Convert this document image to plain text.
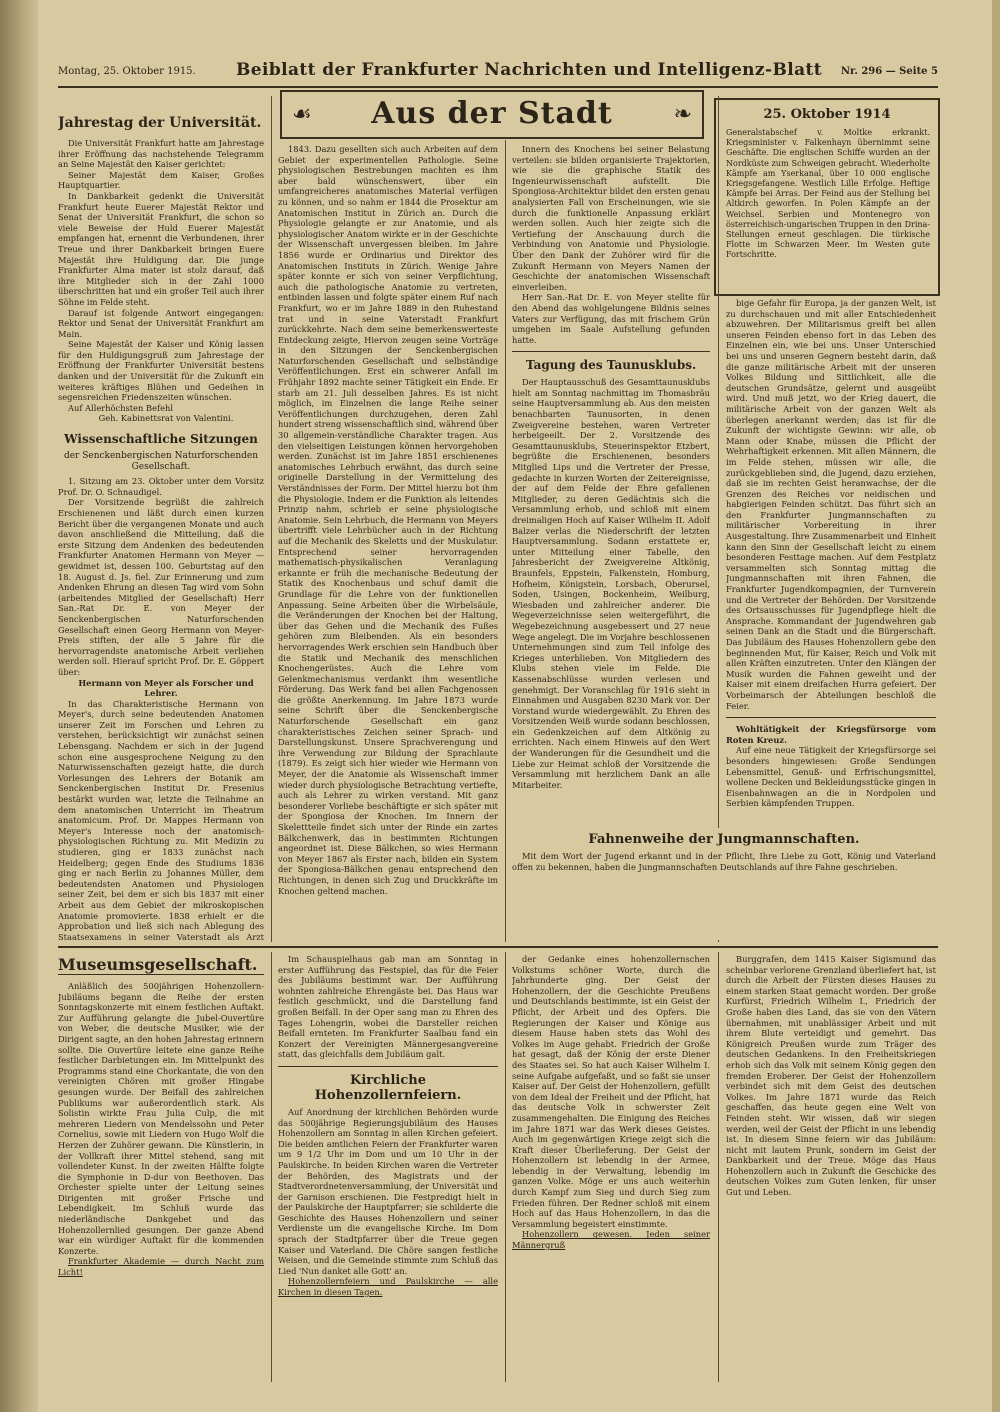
Montag, 25. Oktober 1915. Beiblatt der Frankfurter Nachrichten und Intelligenz-Blatt Nr. 296 — Seite 5
☙	Aus der Stadt	❧	25. Oktober 1914
Generalstabschef v. Moltke erkrankt. Kriegsminister v. Falkenhayn übernimmt seine Geschäfte. Die englischen Schiffe wurden an der Nordküste zum Schweigen gebracht. Wiederholte Kämpfe am Yserkanal, über 10 000 englische Kriegsgefangene. Westlich Lille Erfolge. Heftige Kämpfe bei Arras. Der Feind aus der Stellung bei Altkirch geworfen. In Polen Kämpfe an der Weichsel. Serbien und Montenegro von österreichisch-ungarischen Truppen in den Drina-Stellungen erneut geschlagen. Die türkische Flotte im Schwarzen Meer. Im Westen gute Fortschritte.
Jahrestag der Universität.

Die Universität Frankfurt hatte am Jahrestage ihrer Eröffnung das nachstehende Telegramm an Seine Majestät den Kaiser gerichtet:

Seiner Majestät dem Kaiser, Großes Hauptquartier.

In Dankbarkeit gedenkt die Universität Frankfurt heute Euerer Majestät Rektor und Senat der Universität Frankfurt, die schon so viele Beweise der Huld Euerer Majestät empfangen hat, ernennt die Verbundenen, ihrer Treue und ihrer Dankbarkeit bringen Euere Majestät ihre Huldigung dar. Die junge Frankfurter Alma mater ist stolz darauf, daß ihre Mitglieder sich in der Zahl 1000 überschritten hat und ein großer Teil auch ihrer Söhne im Felde steht.

Darauf ist folgende Antwort eingegangen: Rektor und Senat der Universität Frankfurt am Main.

Seine Majestät der Kaiser und König lassen für den Huldigungsgruß zum Jahrestage der Eröffnung der Frankfurter Universität bestens danken und der Universität für die Zukunft ein weiteres kräftiges Blühen und Gedeihen in segensreichen Friedenszeiten wünschen.

Auf Allerhöchsten Befehl

Geh. Kabinettsrat von Valentini.

Wissenschaftliche Sitzungen
der Senckenbergischen Naturforschenden Gesellschaft.

1. Sitzung am 23. Oktober unter dem Vorsitz Prof. Dr. O. Schnaudigel.

Der Vorsitzende begrüßt die zahlreich Erschienenen und läßt durch einen kurzen Bericht über die vergangenen Monate und auch davon anschließend die Mitteilung, daß die erste Sitzung dem Andenken des bedeutenden Frankfurter Anatomen Hermann von Meyer — gewidmet ist, dessen 100. Geburtstag auf den 18. August d. Js. fiel. Zur Erinnerung und zum Andenken Ehrung an diesen Tag wird vom Sohn (arbeitendes Mitglied der Gesellschaft) Herr San.-Rat Dr. E. von Meyer der Senckenbergischen Naturforschenden Gesellschaft einen Georg Hermann von Meyer-Preis stiften, der alle 5 Jahre für die hervorragendste anatomische Arbeit verliehen werden soll. Hierauf spricht Prof. Dr. E. Göppert über:

Hermann von Meyer als Forscher und Lehrer.

In das Charakteristische Hermann von Meyer's, durch seine bedeutenden Anatomen unserer Zeit im Forschen und Lehren zu verstehen, berücksichtigt wir zunächst seinen Lebensgang. Nachdem er sich in der Jugend schon eine ausgesprochene Neigung zu den Naturwissenschaften gezeigt hatte, die durch Vorlesungen des Lehrers der Botanik am Senckenbergischen Institut Dr. Fresenius bestärkt wurden war, letzte die Teilnahme an dem anatomischen Unterricht im Theatrum anatomicum. Prof. Dr. Mappes Hermann von Meyer's Interesse noch der anatomisch-physiologischen Richtung zu. Mit Medizin zu studieren, ging er 1833 zunächst nach Heidelberg; gegen Ende des Studiums 1836 ging er nach Berlin zu Johannes Müller, dem bedeutendsten Anatomen und Physiologen seiner Zeit, bei dem er sich bis 1837 mit einer Arbeit aus dem Gebiet der mikroskopischen Anatomie promovierte. 1838 erhielt er die Approbation und ließ sich nach Ablegung des Staatsexamens in seiner Vaterstadt als Arzt

1843. Dazu gesellten sich auch Arbeiten auf dem Gebiet der experimentellen Pathologie. Seine physiologischen Bestrebungen machten es ihm aber bald wünschenswert, über ein umfangreicheres anatomisches Material verfügen zu können, und so nahm er 1844 die Prosektur am Anatomischen Institut in Zürich an. Durch die Physiologie gelangte er zur Anatomie, und als physiologischer Anatom wirkte er in der Geschichte der Wissenschaft unvergessen bleiben. Im Jahre 1856 wurde er Ordinarius und Direktor des Anatomischen Instituts in Zürich. Wenige Jahre später konnte er sich von seiner Verpflichtung, auch die pathologische Anatomie zu vertreten, entbinden lassen und folgte später einem Ruf nach Frankfurt, wo er im Jahre 1889 in den Ruhestand trat und in seine Vaterstadt Frankfurt zurückkehrte. Nach dem seine bemerkenswerteste Entdeckung zeigte, Hiervon zeugen seine Vorträge in den Sitzungen der Senckenbergischen Naturforschenden Gesellschaft und selbständige Veröffentlichungen. Erst ein schwerer Anfall im Frühjahr 1892 machte seiner Tätigkeit ein Ende. Er starb am 21. Juli desselben Jahres. Es ist nicht möglich, im Einzelnen die lange Reihe seiner Veröffentlichungen durchzugehen, deren Zahl hundert streng wissenschaftlich sind, während über 30 allgemein-verständliche Charakter tragen. Aus den vielseitigen Leistungen können hervorgehoben werden. Zunächst ist im Jahre 1851 erschienenes anatomisches Lehrbuch erwähnt, das durch seine originelle Darstellung in der Vermittelung des Verständnisses der Form. Der Mittel hierzu bot ihm die Physiologie. Indem er die Funktion als leitendes Prinzip nahm, schrieb er seine physiologische Anatomie. Sein Lehrbuch, die Hermann von Meyers übertrifft viele Lehrbücher auch in der Richtung auf die Mechanik des Skeletts und der Muskulatur. Entsprechend seiner hervorragenden mathematisch-physikalischen Veranlagung erkannte er früh die mechanische Bedeutung der Statik des Knochenbaus und schuf damit die Grundlage für die Lehre von der funktionellen Anpassung. Seine Arbeiten über die Wirbelsäule, die Veränderungen der Knochen bei der Haltung, über das Gehen und die Mechanik des Fußes gehören zum Bleibenden. Als ein besonders hervorragendes Werk erschien sein Handbuch über die Statik und Mechanik des menschlichen Knochengerüstes. Auch die Lehre vom Gelenkmechanismus verdankt ihm wesentliche Förderung. Das Werk fand bei allen Fachgenossen die größte Anerkennung. Im Jahre 1873 wurde seine Schrift über die Senckenbergische Naturforschende Gesellschaft ein ganz charakteristisches Zeichen seiner Sprach- und Darstellungskunst. Unsere Sprachverengung und ihre Verwendung zur Bildung der Sprachlaute (1879). Es zeigt sich hier wieder wie Hermann von Meyer, der die Anatomie als Wissenschaft immer wieder durch physiologische Betrachtung vertiefte, auch als Lehrer zu wirken verstand. Mit ganz besonderer Vorliebe beschäftigte er sich später mit der Spongiosa der Knochen. Im Innern der Skelettteile findet sich unter der Rinde ein zartes Bälkchenwerk, das in bestimmten Richtungen angeordnet ist. Diese Bälkchen, so wies Hermann von Meyer 1867 als Erster nach, bilden ein System der Spongiosa-Bälkchen genau entsprechend den Richtungen, in denen sich Zug und Druckkräfte im Knochen geltend machen.

Innern des Knochens bei seiner Belastung verteilen: sie bilden organisierte Trajektorien, wie sie die graphische Statik des Ingenieurwissenschaft aufstellt. Die Spongiosa-Architektur bildet den ersten genau analysierten Fall von Erscheinungen, wie sie durch die funktionelle Anpassung erklärt werden sollen. Auch hier zeigte sich die Vertiefung der Anschauung durch die Verbindung von Anatomie und Physiologie. Über den Dank der Zuhörer wird für die Zukunft Hermann von Meyers Namen der Geschichte der anatomischen Wissenschaft einverleiben.

Herr San.-Rat Dr. E. von Meyer stellte für den Abend das wohlgelungene Bildnis seines Vaters zur Verfügung, das mit frischem Grün umgeben im Saale Aufstellung gefunden hatte.

Tagung des Taunusklubs.

Der Hauptausschuß des Gesamttaunusklubs hielt am Sonntag nachmittag im Thomasbräu seine Hauptversammlung ab. Aus den meisten benachbarten Taunusorten, in denen Zweigvereine bestehen, waren Vertreter herbeigeeilt. Der 2. Vorsitzende des Gesamttaunusklubs, Steuerinspektor Etzbert, begrüßte die Erschienenen, besonders Mitglied Lips und die Vertreter der Presse, gedachte in kurzen Worten der Zeitereignisse, der auf dem Felde der Ehre gefallenen Mitglieder, zu deren Gedächtnis sich die Versammlung erhob, und schloß mit einem dreimaligen Hoch auf Kaiser Wilhelm II. Adolf Balzer verlas die Niederschrift der letzten Hauptversammlung. Sodann erstattete er, unter Mitteilung einer Tabelle, den Jahresbericht der Zweigvereine Altkönig, Braunfels, Eppstein, Falkenstein, Homburg, Hofheim, Königstein, Lorsbach, Oberursel, Soden, Usingen, Bockenheim, Weilburg, Wiesbaden und zahlreicher anderer. Die Wegeverzeichnisse seien weitergeführt, die Wegebezeichnung ausgebessert und 27 neue Wege angelegt. Die im Vorjahre beschlossenen Unternehmungen sind zum Teil infolge des Krieges unterblieben. Von Mitgliedern des Klubs stehen viele im Felde. Die Kassenabschlüsse wurden verlesen und genehmigt. Der Voranschlag für 1916 sieht in Einnahmen und Ausgaben 8230 Mark vor. Der Vorstand wurde wiedergewählt. Zu Ehren des Vorsitzenden Weiß wurde sodann beschlossen, ein Gedenkzeichen auf dem Altkönig zu errichten. Nach einem Hinweis auf den Wert der Wanderungen für die Gesundheit und die Liebe zur Heimat schloß der Vorsitzende die Versammlung mit herzlichem Dank an alle Mitarbeiter.

bige Gefahr für Europa, ja der ganzen Welt, ist zu durchschauen und mit aller Entschiedenheit abzuwehren. Der Militarismus greift bei allen unseren Feinden ebenso fort in das Leben des Einzelnen ein, wie bei uns. Unser Unterschied bei uns und unseren Gegnern besteht darin, daß die ganze militärische Arbeit mit der unseren Volkes Bildung und Sittlichkeit, alle die deutschen Grundsätze, gelernt und ausgeübt wird. Und muß jetzt, wo der Krieg dauert, die militärische Arbeit von der ganzen Welt als überlegen anerkannt werden; das ist für die Zukunft der wichtigste Gewinn: wir alle, ob Mann oder Knabe, müssen die Pflicht der Wehrhaftigkeit erkennen. Mit allen Männern, die im Felde stehen, müssen wir alle, die zurückgeblieben sind, die Jugend, dazu erziehen, daß sie im rechten Geist heranwachse, der die Grenzen des Reiches vor neidischen und habgierigen Feinden schützt. Das führt sich an den Frankfurter Jungmannschaften zu militärischer Vorbereitung in ihrer Ausgestaltung. Ihre Zusammenarbeit und Einheit kann den Sinn der Gesellschaft leicht zu einem besonderen Festtage machen. Auf dem Festplatz versammelten sich Sonntag mittag die Jungmannschaften mit ihren Fahnen, die Frankfurter Jugendkompagnien, der Turnverein und die Vertreter der Behörden. Der Vorsitzende des Ortsausschusses für Jugendpflege hielt die Ansprache. Kommandant der Jugendwehren gab seinen Dank an die Stadt und die Bürgerschaft. Das Jubiläum des Hauses Hohenzollern gebe den beginnenden Mut, für Kaiser, Reich und Volk mit allen Kräften einzutreten. Unter den Klängen der Musik wurden die Fahnen geweiht und der Kaiser mit einem dreifachen Hurra gefeiert. Der Vorbeimarsch der Abteilungen beschloß die Feier.

Wohltätigkeit der Kriegsfürsorge vom Roten Kreuz.

Auf eine neue Tätigkeit der Kriegsfürsorge sei besonders hingewiesen: Große Sendungen Lebensmittel, Genuß- und Erfrischungsmittel, wollene Decken und Bekleidungsstücke gingen in Eisenbahnwagen an die in Nordpolen und Serbien kämpfenden Truppen.

Fahnenweihe der Jungmannschaften.

Mit dem Wort der Jugend erkannt und in der Pflicht, Ihre Liebe zu Gott, König und Vaterland offen zu bekennen, haben die Jungmannschaften Deutschlands auf ihre Fahne geschrieben.

Museumsgesellschaft.

Anläßlich des 500jährigen Hohenzollern-Jubiläums begann die Reihe der ersten Sonntagskonzerte mit einem festlichen Auftakt. Zur Aufführung gelangte die Jubel-Ouvertüre von Weber, die deutsche Musiker, wie der Dirigent sagte, an den hohen Jahrestag erinnern sollte. Die Ouvertüre leitete eine ganze Reihe festlicher Darbietungen ein. Im Mittelpunkt des Programms stand eine Chorkantate, die von den vereinigten Chören mit großer Hingabe gesungen wurde. Der Beifall des zahlreichen Publikums war außerordentlich stark. Als Solistin wirkte Frau Julia Culp, die mit mehreren Liedern von Mendelssohn und Peter Cornelius, sowie mit Liedern von Hugo Wolf die Herzen der Zuhörer gewann. Die Künstlerin, in der Vollkraft ihrer Mittel stehend, sang mit vollendeter Kunst. In der zweiten Hälfte folgte die Symphonie in D-dur von Beethoven. Das Orchester spielte unter der Leitung seines Dirigenten mit großer Frische und Lebendigkeit. Im Schluß wurde das niederländische Dankgebet und das Hohenzollernlied gesungen. Der ganze Abend war ein würdiger Auftakt für die kommenden Konzerte.

Frankfurter Akademie — durch Nacht zum Licht!

Im Schauspielhaus gab man am Sonntag in erster Aufführung das Festspiel, das für die Feier des Jubiläums bestimmt war. Der Aufführung wohnten zahlreiche Ehrengäste bei. Das Haus war festlich geschmückt, und die Darstellung fand großen Beifall. In der Oper sang man zu Ehren des Tages Lohengrin, wobei die Darsteller reichen Beifall ernteten. Im Frankfurter Saalbau fand ein Konzert der Vereinigten Männergesangvereine statt, das gleichfalls dem Jubiläum galt.

Kirchliche Hohenzollernfeiern.

Auf Anordnung der kirchlichen Behörden wurde das 500jährige Regierungsjubiläum des Hauses Hohenzollern am Sonntag in allen Kirchen gefeiert. Die beiden amtlichen Feiern der Frankfurter waren um 9 1/2 Uhr im Dom und um 10 Uhr in der Paulskirche. In beiden Kirchen waren die Vertreter der Behörden, des Magistrats und der Stadtverordnetenversammlung, der Universität und der Garnison erschienen. Die Festpredigt hielt in der Paulskirche der Hauptpfarrer; sie schilderte die Geschichte des Hauses Hohenzollern und seiner Verdienste um die evangelische Kirche. Im Dom sprach der Stadtpfarrer über die Treue gegen Kaiser und Vaterland. Die Chöre sangen festliche Weisen, und die Gemeinde stimmte zum Schluß das Lied 'Nun danket alle Gott' an.

Hohenzollernfeiern und Paulskirche — alle Kirchen in diesen Tagen.

der Gedanke eines hohenzollernschen Volkstums schöner Worte, durch die Jahrhunderte ging. Der Geist der Hohenzollern, der die Geschichte Preußens und Deutschlands bestimmte, ist ein Geist der Pflicht, der Arbeit und des Opfers. Die Regierungen der Kaiser und Könige aus diesem Hause haben stets das Wohl des Volkes im Auge gehabt. Friedrich der Große hat gesagt, daß der König der erste Diener des Staates sei. So hat auch Kaiser Wilhelm I. seine Aufgabe aufgefaßt, und so faßt sie unser Kaiser auf. Der Geist der Hohenzollern, gefüllt von dem Ideal der Freiheit und der Pflicht, hat das deutsche Volk in schwerster Zeit zusammengehalten. Die Einigung des Reiches im Jahre 1871 war das Werk dieses Geistes. Auch im gegenwärtigen Kriege zeigt sich die Kraft dieser Überlieferung. Der Geist der Hohenzollern ist lebendig in der Armee, lebendig in der Verwaltung, lebendig im ganzen Volke. Möge er uns auch weiterhin durch Kampf zum Sieg und durch Sieg zum Frieden führen. Der Redner schloß mit einem Hoch auf das Haus Hohenzollern, in das die Versammlung begeistert einstimmte.

Hohenzollern gewesen. Jeden seiner Männergruß

Burggrafen, dem 1415 Kaiser Sigismund das scheinbar verlorene Grenzland überliefert hat, ist durch die Arbeit der Fürsten dieses Hauses zu einem starken Staat gemacht worden. Der große Kurfürst, Friedrich Wilhelm I., Friedrich der Große haben dies Land, das sie von den Vätern übernahmen, mit unablässiger Arbeit und mit ihrem Blute verteidigt und gemehrt. Das Königreich Preußen wurde zum Träger des deutschen Gedankens. In den Freiheitskriegen erhob sich das Volk mit seinem König gegen den fremden Eroberer. Der Geist der Hohenzollern verbindet sich mit dem Geist des deutschen Volkes. Im Jahre 1871 wurde das Reich geschaffen, das heute gegen eine Welt von Feinden steht. Wir wissen, daß wir siegen werden, weil der Geist der Pflicht in uns lebendig ist. In diesem Sinne feiern wir das Jubiläum: nicht mit lautem Prunk, sondern im Geist der Dankbarkeit und der Treue. Möge das Haus Hohenzollern auch in Zukunft die Geschicke des deutschen Volkes zum Guten lenken, für unser Gut und Leben.
